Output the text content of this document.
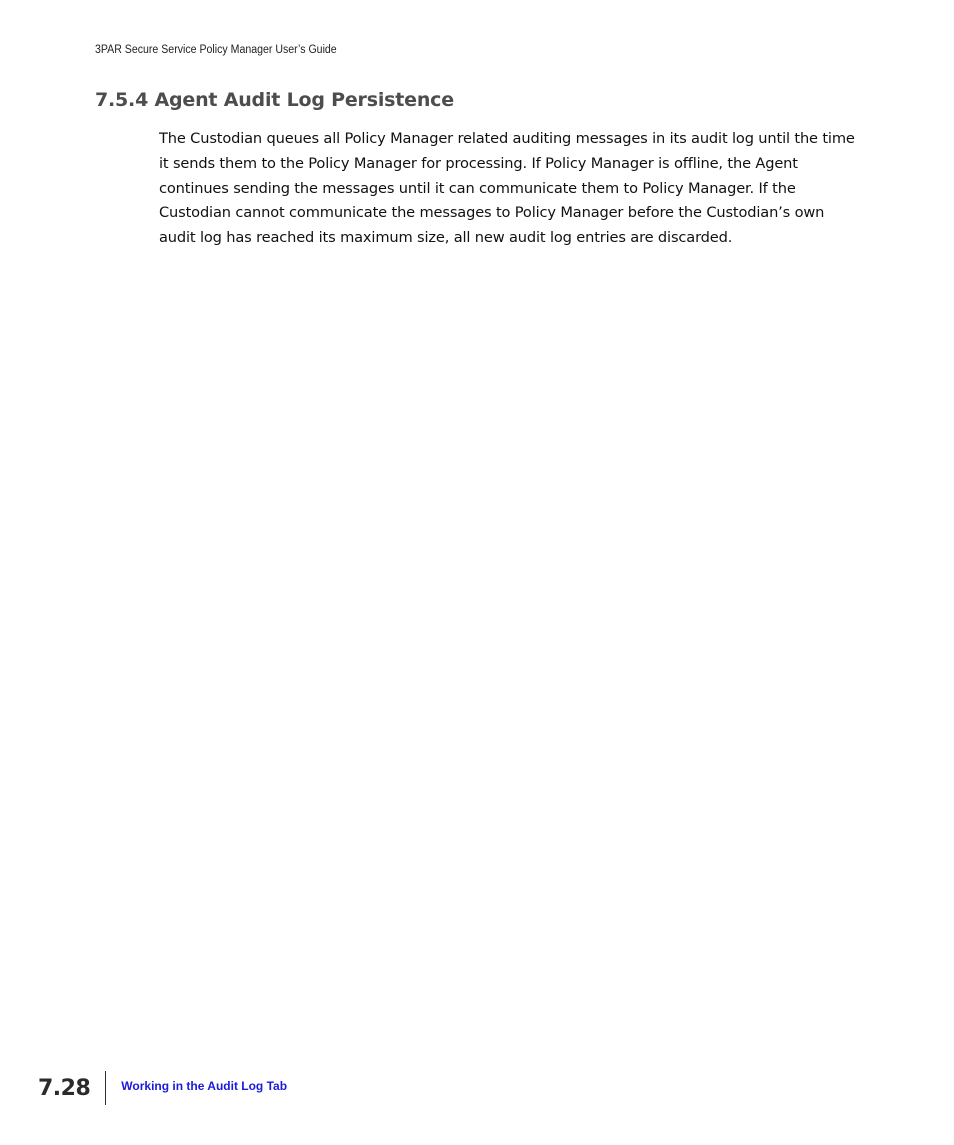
3PAR Secure Service Policy Manager User’s Guide
7.5.4 Agent Audit Log Persistence

The Custodian queues all Policy Manager related auditing messages in its audit log until the time it sends them to the Policy Manager for processing. If Policy Manager is offline, the Agent continues sending the messages until it can communicate them to Policy Manager. If the Custodian cannot communicate the messages to Policy Manager before the Custodian’s own audit log has reached its maximum size, all new audit log entries are discarded.

7.28	Working in the Audit Log Tab
